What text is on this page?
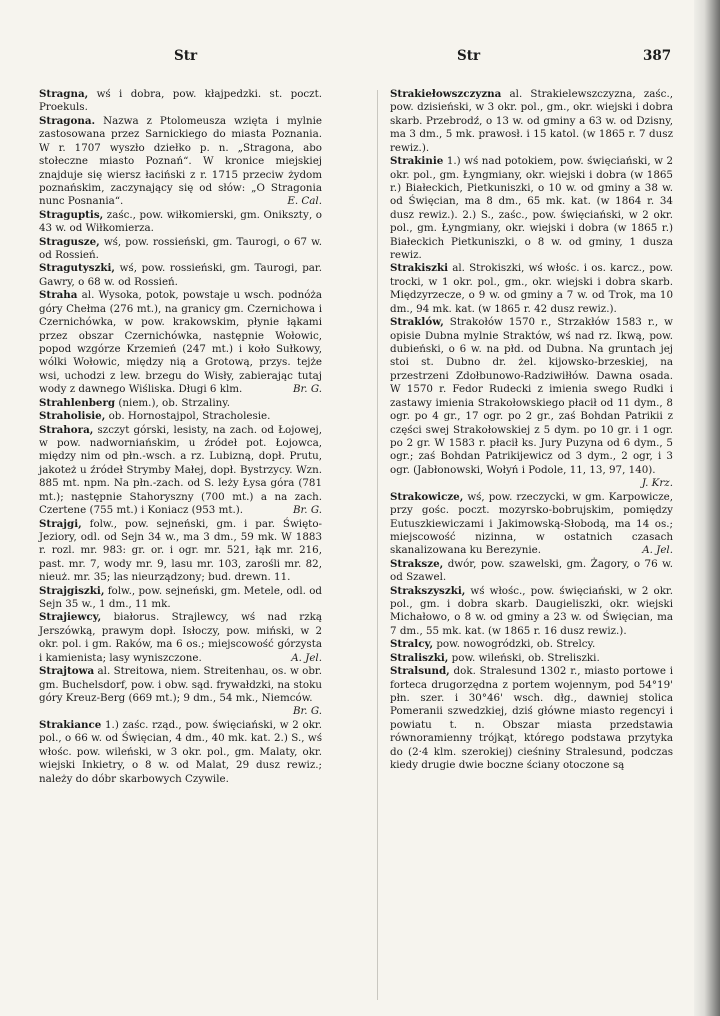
Str	Str	387

Stragna, wś i dobra, pow. kłajpedzki. st. poczt. Proekuls.

Stragona. Nazwa z Ptolomeusza wzięta i mylnie zastosowana przez Sarnickiego do miasta Poznania. W r. 1707 wyszło dziełko p. n. „Stragona, abo stołeczne miasto Poznań“. W kronice miejskiej znajduje się wiersz łaciński z r. 1715 przeciw żydom poznańskim, zaczynający się od słów: „O Stragonia nunc Posnania“.	E. Cal.

Straguptis, zaśc., pow. wiłkomierski, gm. Oniksztу, o 43 w. od Wiłkomierza.

Stragusze, wś, pow. rossieński, gm. Taurogi, o 67 w. od Rossień.

Stragutyszki, wś, pow. rossieński, gm. Taurogi, par. Gawry, o 68 w. od Rossień.

Straha al. Wysoka, potok, powstaje u wsch. podnóża góry Chełma (276 mt.), na granicy gm. Czernichowa i Czernichówka, w pow. krakowskim, płynie łąkami przez obszar Czernichówka, następnie Wołowic, popod wzgórze Krzemień (247 mt.) i koło Sułkowy, wólki Wołowic, między nią a Grotową, przys. tejże wsi, uchodzi z lew. brzegu do Wisły, zabierając tutaj wody z dawnego Wiśliska. Długi 6 klm.	Br. G.

Strahlenberg (niem.), ob. Strzaliny.

Straholisie, ob. Hornostajpol, Stracholesie.

Strahora, szczyt górski, lesisty, na zach. od Łojowej, w pow. nadworniańskim, u źródeł pot. Łojowca, między nim od płn.-wsch. a rz. Lubizną, dopł. Prutu, jakoteż u źródeł Strymby Małej, dopł. Bystrzycy. Wzn. 885 mt. npm. Na płn.-zach. od S. leży Łysa góra (781 mt.); następnie Stahoryszny (700 mt.) a na zach. Czertene (755 mt.) i Koniacz (953 mt.).	Br. G.

Strajgi, folw., pow. sejneński, gm. i par. Święto-Jeziory, odl. od Sejn 34 w., ma 3 dm., 59 mk. W 1883 r. rozl. mr. 983: gr. or. i ogr. mr. 521, łąk mr. 216, past. mr. 7, wody mr. 9, lasu mr. 103, zarośli mr. 82, nieuż. mr. 35; las nieurządzony; bud. drewn. 11.

Strajgiszki, folw., pow. sejneński, gm. Metele, odl. od Sejn 35 w., 1 dm., 11 mk.

Strajiewcy, białorus. Strajlewcy, wś nad rzką Jerszówką, prawym dopł. Isłoczy, pow. miński, w 2 okr. pol. i gm. Raków, ma 6 os.; miejscowość górzysta i kamienista; lasy wyniszczone.	A. Jel.

Strajtowa al. Streitowa, niem. Streitenhau, os. w obr. gm. Buchelsdorf, pow. i obw. sąd. frywałdzki, na stoku góry Kreuz-Berg (669 mt.); 9 dm., 54 mk., Niemców.
Br. G.

Strakiance 1.) zaśc. rząd., pow. święciański, w 2 okr. pol., o 66 w. od Święcian, 4 dm., 40 mk. kat. 2.) S., wś włośc. pow. wileński, w 3 okr. pol., gm. Malaty, okr. wiejski Inkietry, o 8 w. od Malat, 29 dusz rewiz.; należy do dóbr skarbowych Czywile.

Strakiełowszczyzna al. Strakielewszczyzna, zaśc., pow. dzisieński, w 3 okr. pol., gm., okr. wiejski i dobra skarb. Przebrodź, o 13 w. od gminy a 63 w. od Dzisny, ma 3 dm., 5 mk. prawosł. i 15 katol. (w 1865 r. 7 dusz rewiz.).

Strakinie 1.) wś nad potokiem, pow. święciański, w 2 okr. pol., gm. Łyngmiany, okr. wiejski i dobra (w 1865 r.) Białeckich, Pietkuniszki, o 10 w. od gminy a 38 w. od Święcian, ma 8 dm., 65 mk. kat. (w 1864 r. 34 dusz rewiz.). 2.) S., zaśc., pow. święciański, w 2 okr. pol., gm. Łyngmiany, okr. wiejski i dobra (w 1865 r.) Białeckich Pietkuniszki, o 8 w. od gminy, 1 dusza rewiz.

Strakiszki al. Strokiszki, wś włośc. i os. karcz., pow. trocki, w 1 okr. pol., gm., okr. wiejski i dobra skarb. Międzyrzecze, o 9 w. od gminy a 7 w. od Trok, ma 10 dm., 94 mk. kat. (w 1865 r. 42 dusz rewiz.).

Straklów, Strakołów 1570 r., Strzakłów 1583 r., w opisie Dubna mylnie Straktów, wś nad rz. Ikwą, pow. dubieński, o 6 w. na płd. od Dubna. Na gruntach jej stoi st. Dubno dr. żel. kijowsko-brzeskiej, na przestrzeni Zdołbunowo-Radziwiłłów. Dawna osada. W 1570 r. Fedor Rudecki z imienia swego Rudki i zastawy imienia Strakołowskiego płacił od 11 dym., 8 ogr. po 4 gr., 17 ogr. po 2 gr., zaś Bohdan Patrikii z części swej Strakołowskiej z 5 dym. po 10 gr. i 1 ogr. po 2 gr. W 1583 r. płacił ks. Jury Puzyna od 6 dym., 5 ogr.; zaś Bohdan Patrikijewicz od 3 dym., 2 ogr, i 3 ogr. (Jabłonowski, Wołyń i Podole, 11, 13, 97, 140).
J. Krz.

Strakowicze, wś, pow. rzeczycki, w gm. Karpowicze, przy gośc. poczt. mozyrsko-bobrujskim, pomiędzy Eutuszkiewiczami i Jakimowską-Słobodą, ma 14 os.; miejscowość nizinna, w ostatnich czasach skanalizowana ku Berezynie.	A. Jel.

Strakszе, dwór, pow. szawelski, gm. Żagory, o 76 w. od Szawel.

Strakszyszki, wś włośc., pow. święciański, w 2 okr. pol., gm. i dobra skarb. Daugieliszki, okr. wiejski Michałowo, o 8 w. od gminy a 23 w. od Święcian, ma 7 dm., 55 mk. kat. (w 1865 r. 16 dusz rewiz.).

Stralcy, pow. nowogródzki, ob. Strelcy.

Straliszki, pow. wileński, ob. Streliszki.

Stralsund, dok. Stralesund 1302 r., miasto portowe i forteca drugorzędna z portem wojennym, pod 54°19' płn. szer. i 30°46' wsch. dłg., dawniej stolica Pomeranii szwedzkiej, dziś główne miasto regencyi i powiatu t. n. Obszar miasta przedstawia równoramienny trójkąt, którego podstawa przytyka do (2·4 klm. szerokiej) cieśniny Stralesund, podczas kiedy drugie dwie boczne ściany otoczone są
